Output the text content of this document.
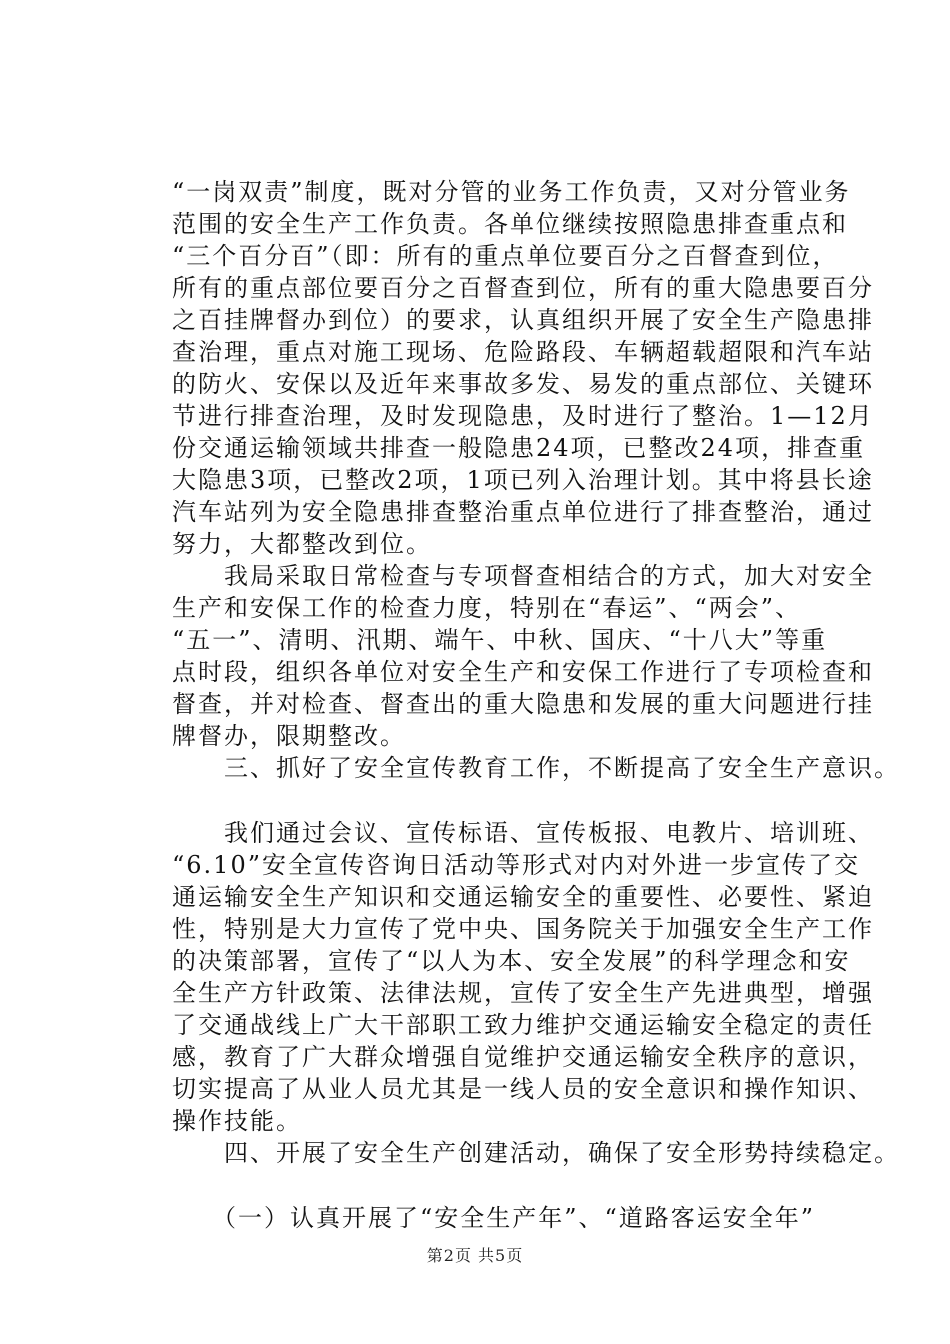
“一岗双责”制度，既对分管的业务工作负责，又对分管业务
范围的安全生产工作负责。各单位继续按照隐患排查重点和
“三个百分百”（即：所有的重点单位要百分之百督查到位，
所有的重点部位要百分之百督查到位，所有的重大隐患要百分
之百挂牌督办到位）的要求，认真组织开展了安全生产隐患排
查治理，重点对施工现场、危险路段、车辆超载超限和汽车站
的防火、安保以及近年来事故多发、易发的重点部位、关键环
节进行排查治理，及时发现隐患，及时进行了整治。1—12月
份交通运输领域共排查一般隐患24项，已整改24项，排查重
大隐患3项，已整改2项，1项已列入治理计划。其中将县长途
汽车站列为安全隐患排查整治重点单位进行了排查整治，通过
努力，大都整改到位。
　　我局采取日常检查与专项督查相结合的方式，加大对安全
生产和安保工作的检查力度，特别在“春运”、“两会”、
“五一”、清明、汛期、端午、中秋、国庆、“十八大”等重
点时段，组织各单位对安全生产和安保工作进行了专项检查和
督查，并对检查、督查出的重大隐患和发展的重大问题进行挂
牌督办，限期整改。
　　三、抓好了安全宣传教育工作，不断提高了安全生产意识。
　　我们通过会议、宣传标语、宣传板报、电教片、培训班、
“6.10”安全宣传咨询日活动等形式对内对外进一步宣传了交
通运输安全生产知识和交通运输安全的重要性、必要性、紧迫
性，特别是大力宣传了党中央、国务院关于加强安全生产工作
的决策部署，宣传了“以人为本、安全发展”的科学理念和安
全生产方针政策、法律法规，宣传了安全生产先进典型，增强
了交通战线上广大干部职工致力维护交通运输安全稳定的责任
感，教育了广大群众增强自觉维护交通运输安全秩序的意识，
切实提高了从业人员尤其是一线人员的安全意识和操作知识、
操作技能。
　　四、开展了安全生产创建活动，确保了安全形势持续稳定。
　　（一）认真开展了“安全生产年”、“道路客运安全年”
第2页 共5页
